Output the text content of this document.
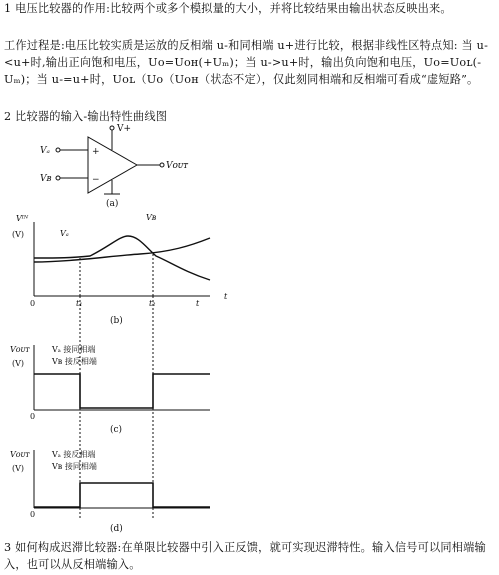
1 电压比较器的作用:比较两个或多个模拟量的大小，并将比较结果由输出状态反映出来。
工作过程是:电压比较实质是运放的反相端 u-和同相端 u+进行比较，根据非线性区特点知: 当 u-<u+时,输出正向饱和电压，Uo=Uᴏʜ(+Uₘ)；当 u->u+时，输出负向饱和电压，Uo=Uᴏʟ(-Uₘ)；当 u-=u+时，Uᴏʟ（Uo（Uᴏʜ（状态不定），仅此刻同相端和反相端可看成“虚短路”。
2 比较器的输入-输出特性曲线图
3 如何构成迟滞比较器:在单限比较器中引入正反馈，就可实现迟滞特性。输入信号可以同相端输入，也可以从反相端输入。
V+
Vₐ
Vʙ
+
−
Vᴏᴜᴛ
(a)
Vᴵᴺ
(V)	Vₐ
Vʙ
0	t₁	t₂	t
t
(b)
Vᴏᴜᴛ
(V)
Vₐ 接同相端
Vʙ 接反相端
0
(c)
Vᴏᴜᴛ
(V)
Vₐ 接反相端
Vʙ 接同相端
0
(d)
